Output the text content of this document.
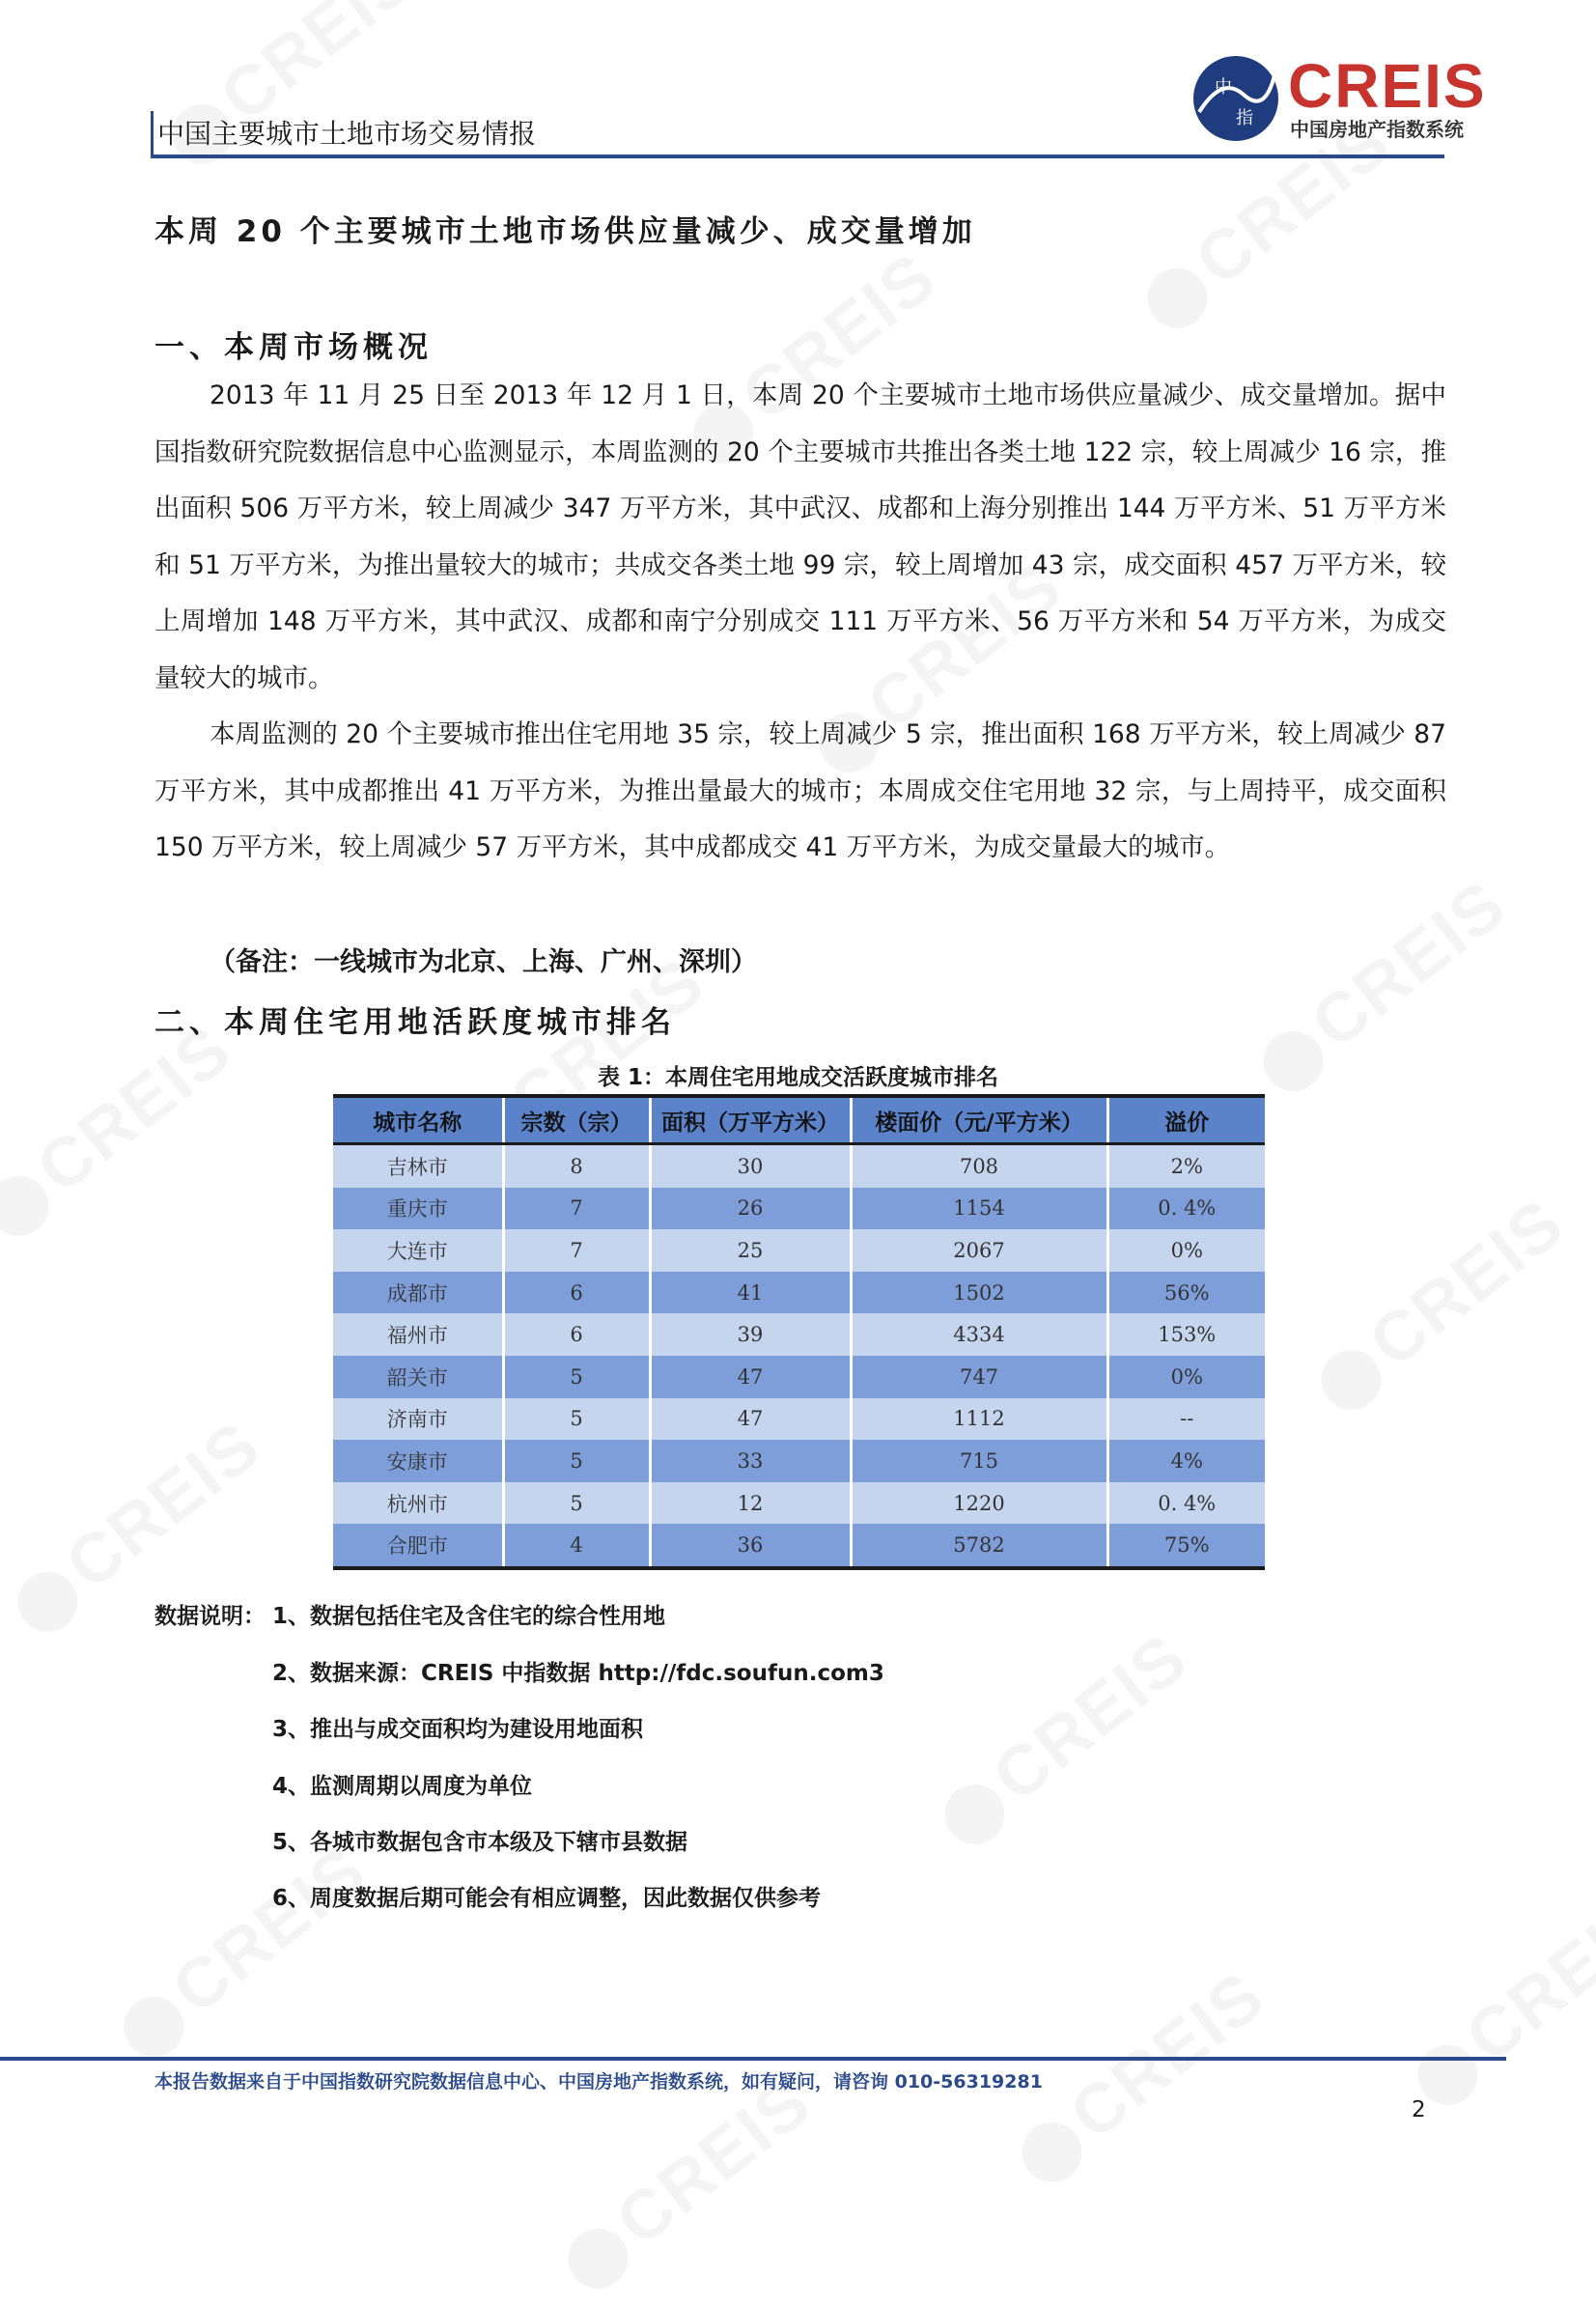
中国主要城市土地市场交易情报
中
指 CREIS
中国房地产指数系统
本周 20 个主要城市土地市场供应量减少、成交量增加
一、本周市场概况

2013 年 11 月 25 日至 2013 年 12 月 1 日，本周 20 个主要城市土地市场供应量减少、成交量增加。据中国指数研究院数据信息中心监测显示，本周监测的 20 个主要城市共推出各类土地 122 宗，较上周减少 16 宗，推出面积 506 万平方米，较上周减少 347 万平方米，其中武汉、成都和上海分别推出 144 万平方米、51 万平方米和 51 万平方米，为推出量较大的城市；共成交各类土地 99 宗，较上周增加 43 宗，成交面积 457 万平方米，较上周增加 148 万平方米，其中武汉、成都和南宁分别成交 111 万平方米、56 万平方米和 54 万平方米，为成交量较大的城市。

本周监测的 20 个主要城市推出住宅用地 35 宗，较上周减少 5 宗，推出面积 168 万平方米，较上周减少 87 万平方米，其中成都推出 41 万平方米，为推出量最大的城市；本周成交住宅用地 32 宗，与上周持平，成交面积 150 万平方米，较上周减少 57 万平方米，其中成都成交 41 万平方米，为成交量最大的城市。

（备注：一线城市为北京、上海、广州、深圳）
二、本周住宅用地活跃度城市排名
表 1：本周住宅用地成交活跃度城市排名
城市名称	宗数（宗）	面积（万平方米）	楼面价（元/平方米）	溢价
吉林市	8	30	708	2%
重庆市	7	26	1154	0. 4%
大连市	7	25	2067	0%
成都市	6	41	1502	56%
福州市	6	39	4334	153%
韶关市	5	47	747	0%
济南市	5	47	1112	--
安康市	5	33	715	4%
杭州市	5	12	1220	0. 4%
合肥市	4	36	5782	75%
数据说明： 1、数据包括住宅及含住宅的综合性用地
2、数据来源：CREIS 中指数据 http://fdc.soufun.com3
3、推出与成交面积均为建设用地面积
4、监测周期以周度为单位
5、各城市数据包含市本级及下辖市县数据
6、周度数据后期可能会有相应调整，因此数据仅供参考
本报告数据来自于中国指数研究院数据信息中心、中国房地产指数系统，如有疑问，请咨询 010-56319281
2
